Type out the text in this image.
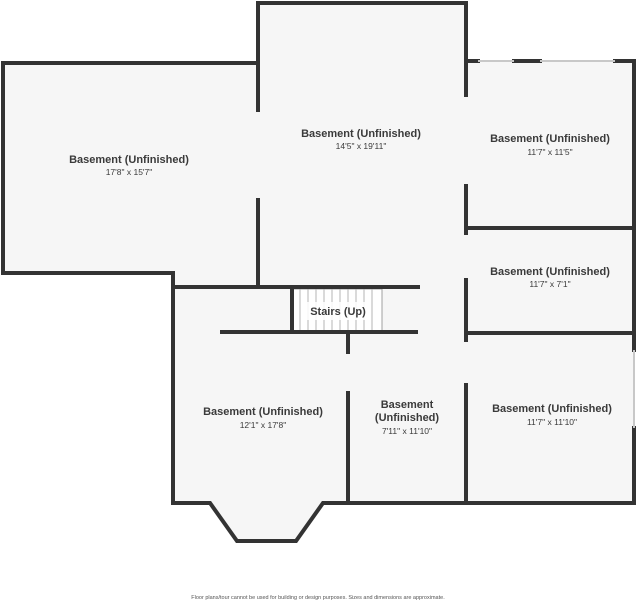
Basement (Unfinished)
17'8" x 15'7"
Basement (Unfinished)
14'5" x 19'11"
Basement (Unfinished)
11'7" x 11'5"
Basement (Unfinished)
11'7" x 7'1"
Basement (Unfinished)
12'1" x 17'8"
Basement
(Unfinished)
7'11" x 11'10"
Basement (Unfinished)
11'7" x 11'10"
Stairs (Up)
Floor plans/tour cannot be used for building or design purposes. Sizes and dimensions are approximate.
